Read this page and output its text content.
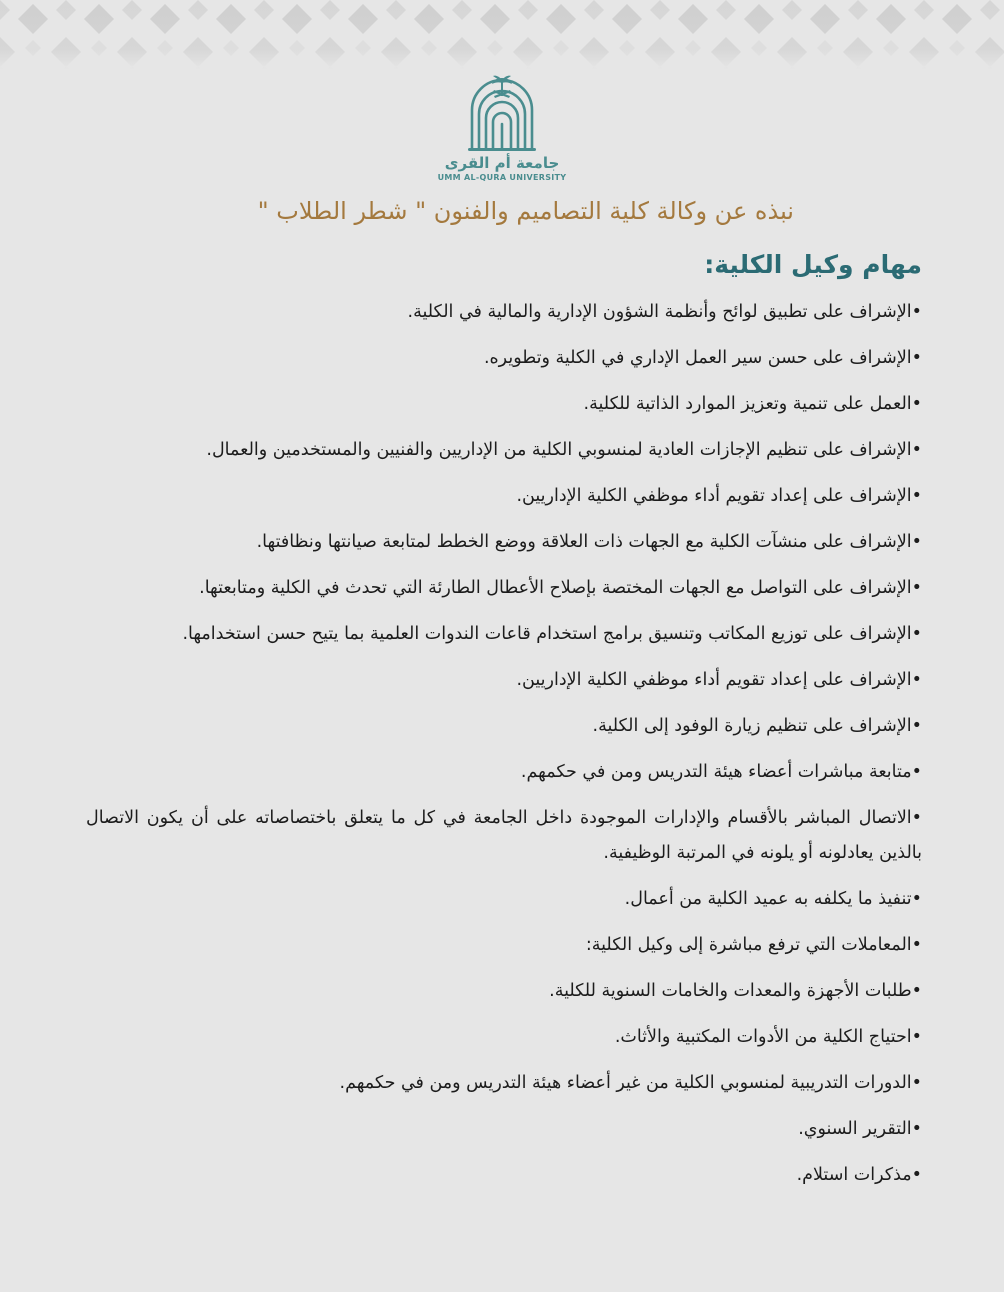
جامعة أم القرى
UMM AL-QURA UNIVERSITY
نبذه عن وكالة كلية التصاميم والفنون " شطر الطلاب "
مهام وكيل الكلية:
•الإشراف على تطبيق لوائح وأنظمة الشؤون الإدارية والمالية في الكلية.
•الإشراف على حسن سير العمل الإداري في الكلية وتطويره.
•العمل على تنمية وتعزيز الموارد الذاتية للكلية.
•الإشراف على تنظيم الإجازات العادية لمنسوبي الكلية من الإداريين والفنيين والمستخدمين والعمال.
•الإشراف على إعداد تقويم أداء موظفي الكلية الإداريين.
•الإشراف على منشآت الكلية مع الجهات ذات العلاقة ووضع الخطط لمتابعة صيانتها ونظافتها.
•الإشراف على التواصل مع الجهات المختصة بإصلاح الأعطال الطارئة التي تحدث في الكلية ومتابعتها.
•الإشراف على توزيع المكاتب وتنسيق برامج استخدام قاعات الندوات العلمية بما يتيح حسن استخدامها.
•الإشراف على إعداد تقويم أداء موظفي الكلية الإداريين.
•الإشراف على تنظيم زيارة الوفود إلى الكلية.
•متابعة مباشرات أعضاء هيئة التدريس ومن في حكمهم.
•الاتصال المباشر بالأقسام والإدارات الموجودة داخل الجامعة في كل ما يتعلق باختصاصاته على أن يكون الاتصال بالذين يعادلونه أو يلونه في المرتبة الوظيفية.
•تنفيذ ما يكلفه به عميد الكلية من أعمال.
•المعاملات التي ترفع مباشرة إلى وكيل الكلية:
•طلبات الأجهزة والمعدات والخامات السنوية للكلية.
•احتياج الكلية من الأدوات المكتبية والأثاث.
•الدورات التدريبية لمنسوبي الكلية من غير أعضاء هيئة التدريس ومن في حكمهم.
•التقرير السنوي.
•مذكرات استلام.
